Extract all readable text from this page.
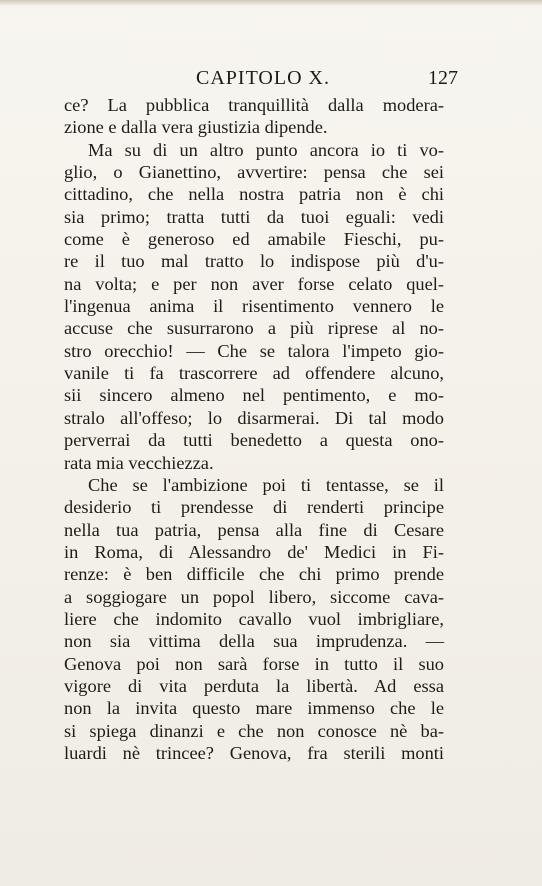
CAPITOLO X.	127
ce? La pubblica tranquillità dalla modera-
zione e dalla vera giustizia dipende.
Ma su di un altro punto ancora io ti vo-
glio, o Gianettino, avvertire: pensa che sei
cittadino, che nella nostra patria non è chi
sia primo; tratta tutti da tuoi eguali: vedi
come è generoso ed amabile Fieschi, pu-
re il tuo mal tratto lo indispose più d'u-
na volta; e per non aver forse celato quel-
l'ingenua anima il risentimento vennero le
accuse che susurrarono a più riprese al no-
stro orecchio! — Che se talora l'impeto gio-
vanile ti fa trascorrere ad offendere alcuno,
sii sincero almeno nel pentimento, e mo-
stralo all'offeso; lo disarmerai. Di tal modo
perverrai da tutti benedetto a questa ono-
rata mia vecchiezza.
Che se l'ambizione poi ti tentasse, se il
desiderio ti prendesse di renderti principe
nella tua patria, pensa alla fine di Cesare
in Roma, di Alessandro de' Medici in Fi-
renze: è ben difficile che chi primo prende
a soggiogare un popol libero, siccome cava-
liere che indomito cavallo vuol imbrigliare,
non sia vittima della sua imprudenza. —
Genova poi non sarà forse in tutto il suo
vigore di vita perduta la libertà. Ad essa
non la invita questo mare immenso che le
si spiega dinanzi e che non conosce nè ba-
luardi nè trincee? Genova, fra sterili monti
